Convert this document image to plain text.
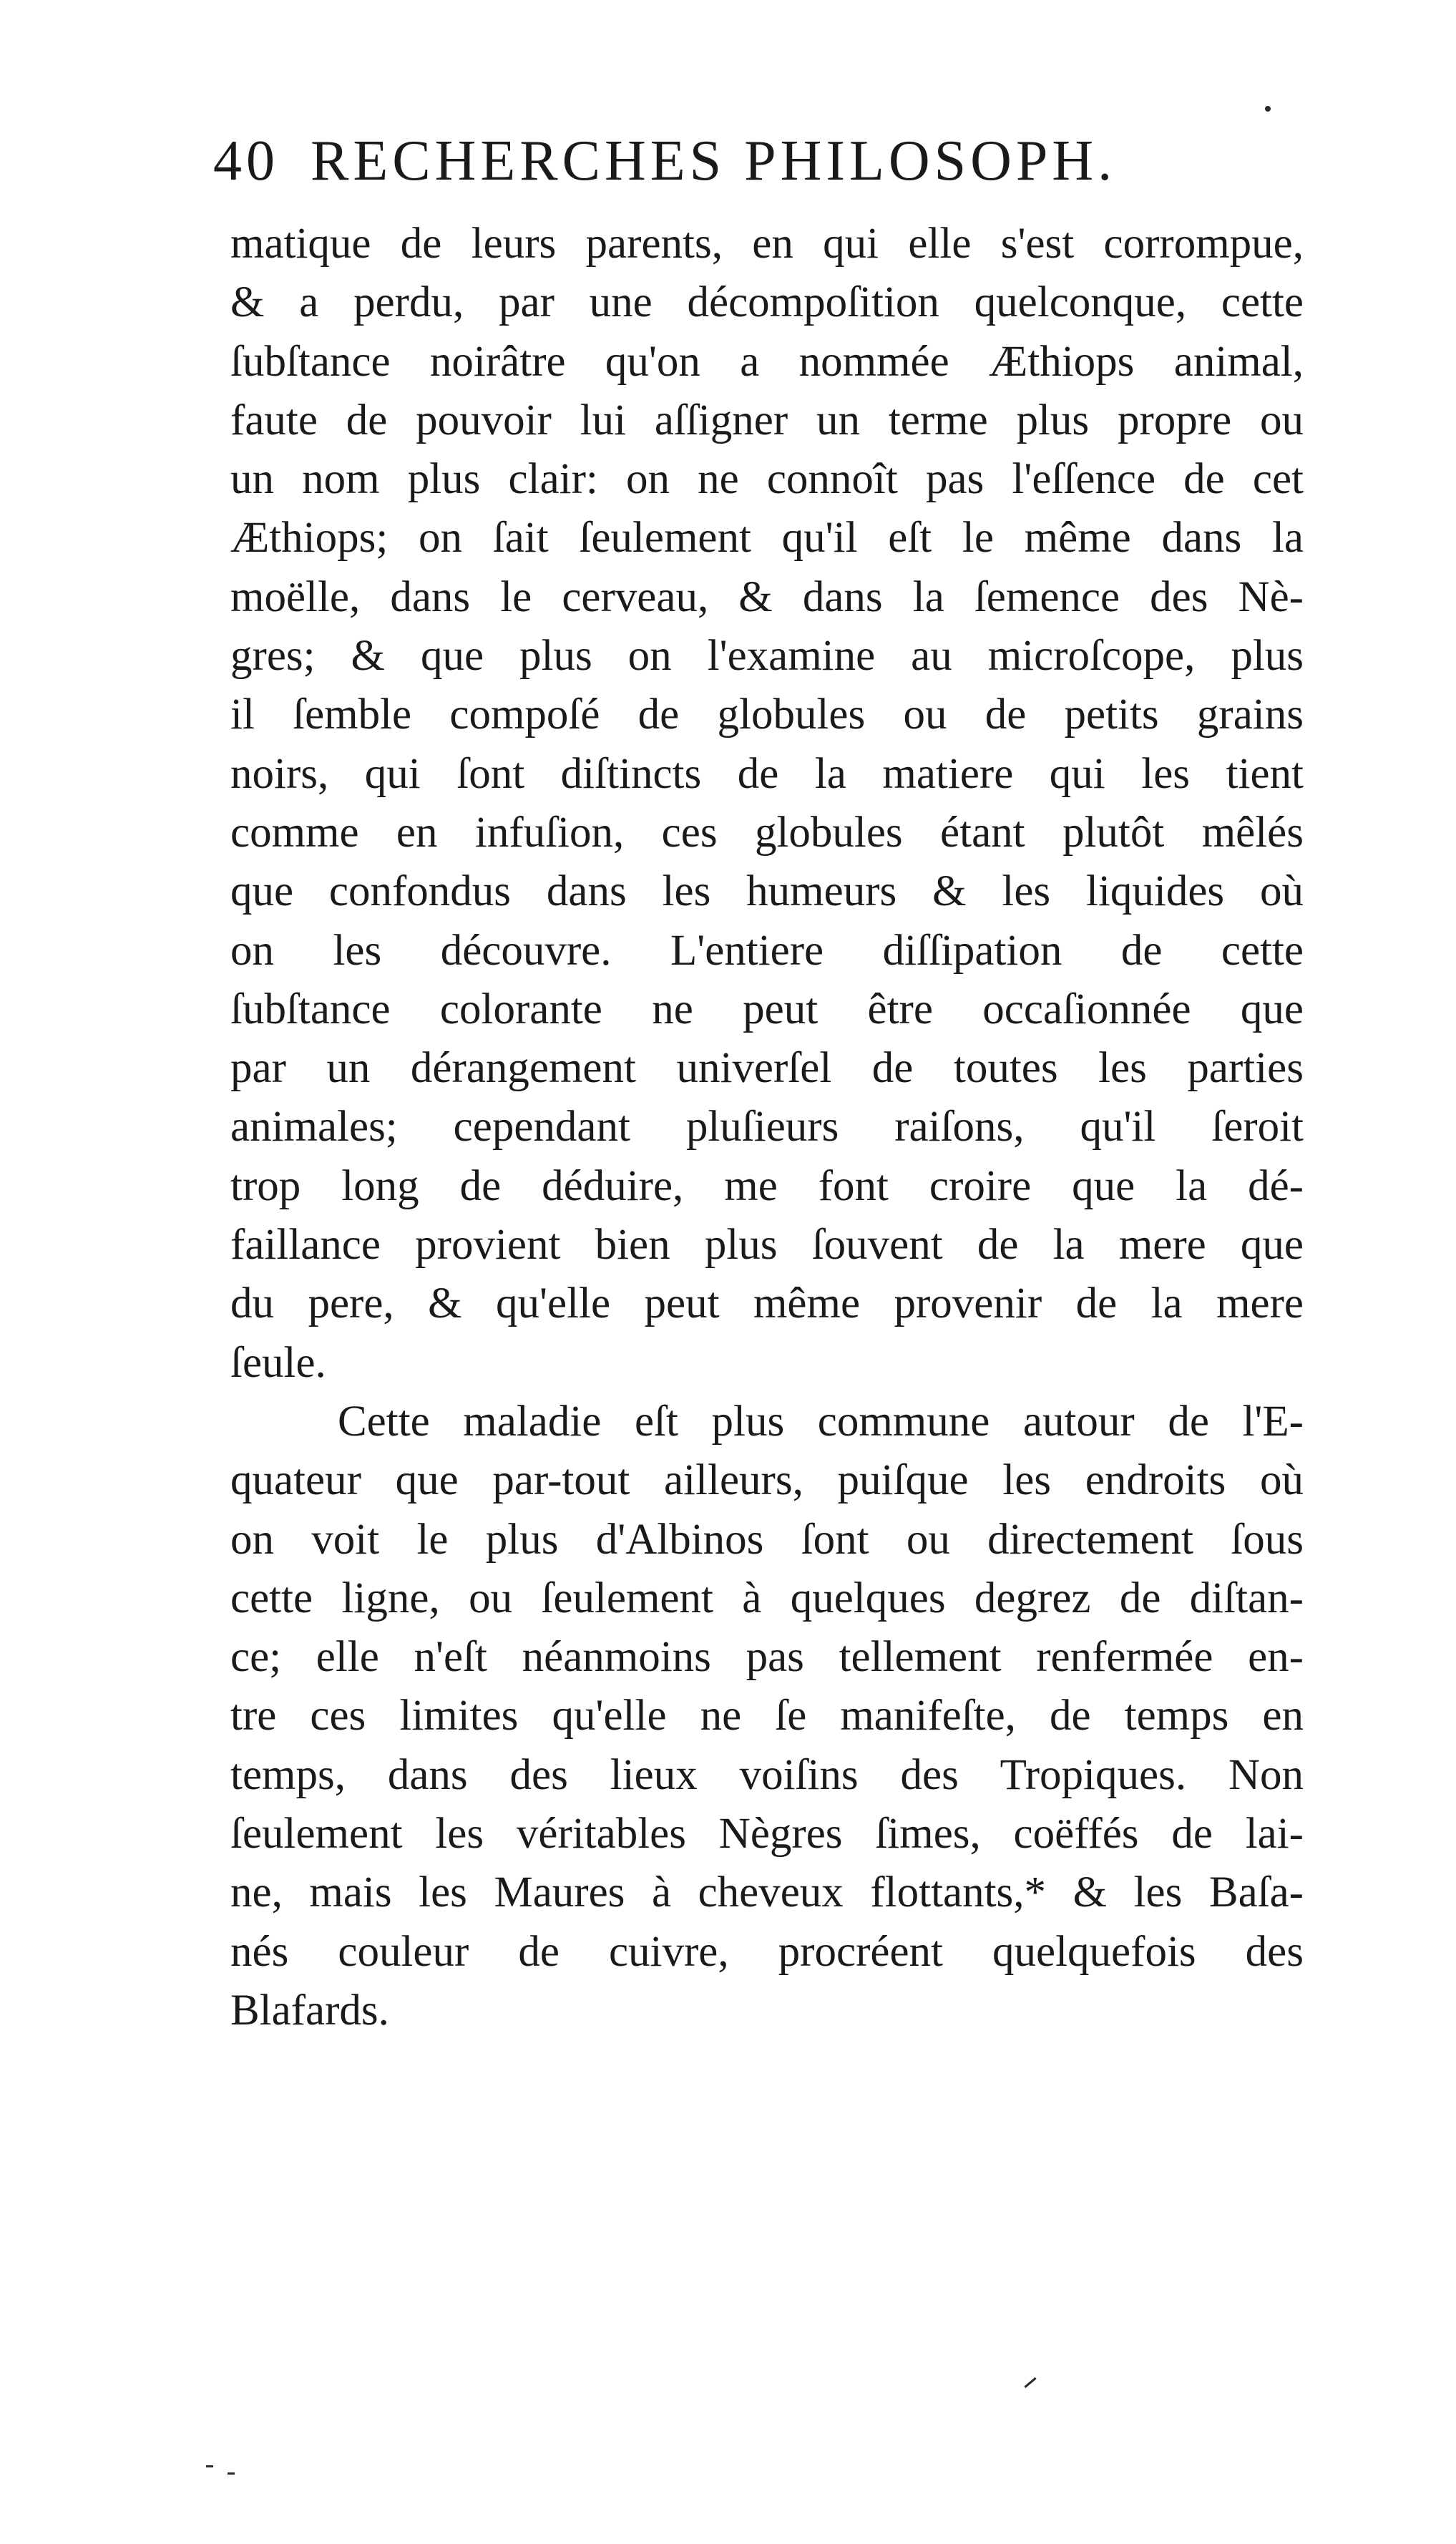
40 RECHERCHES PHILOSOPH.
matique de leurs parents, en qui elle s'est corrompue,
& a perdu, par une décompoſition quelconque, cette
ſubſtance noirâtre qu'on a nommée Æthiops animal,
faute de pouvoir lui aſſigner un terme plus propre ou
un nom plus clair: on ne connoît pas l'eſſence de cet
Æthiops; on ſait ſeulement qu'il eſt le même dans la
moëlle, dans le cerveau, & dans la ſemence des Nè-
gres; & que plus on l'examine au microſcope, plus
il ſemble compoſé de globules ou de petits grains
noirs, qui ſont diſtincts de la matiere qui les tient
comme en infuſion, ces globules étant plutôt mêlés
que confondus dans les humeurs & les liquides où
on les découvre. L'entiere diſſipation de cette
ſubſtance colorante ne peut être occaſionnée que
par un dérangement univerſel de toutes les parties
animales; cependant pluſieurs raiſons, qu'il ſeroit
trop long de déduire, me font croire que la dé-
faillance provient bien plus ſouvent de la mere que
du pere, & qu'elle peut même provenir de la mere
ſeule.
Cette maladie eſt plus commune autour de l'E-
quateur que par-tout ailleurs, puiſque les endroits où
on voit le plus d'Albinos ſont ou directement ſous
cette ligne, ou ſeulement à quelques degrez de diſtan-
ce; elle n'eſt néanmoins pas tellement renfermée en-
tre ces limites qu'elle ne ſe manifeſte, de temps en
temps, dans des lieux voiſins des Tropiques. Non
ſeulement les véritables Nègres ſimes, coëffés de lai-
ne, mais les Maures à cheveux flottants,* & les Baſa-
nés couleur de cuivre, procréent quelquefois des
Blafards.
